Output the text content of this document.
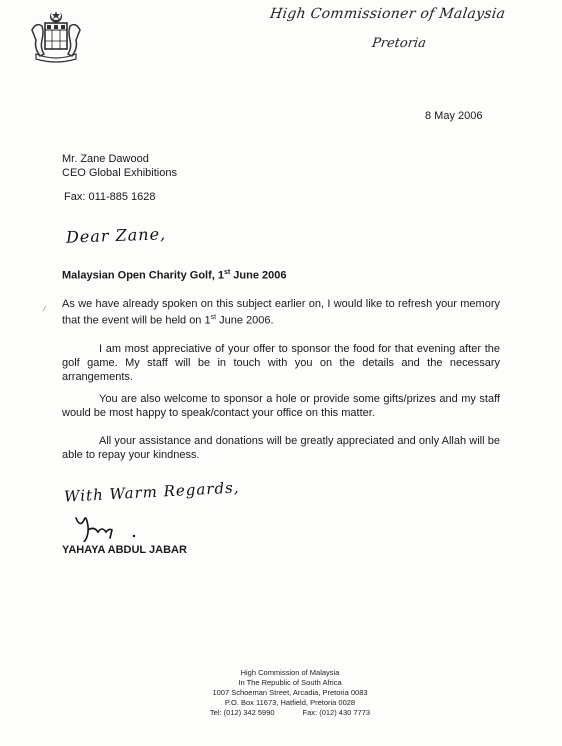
High Commissioner of Malaysia
Pretoria
8 May 2006
Mr. Zane Dawood
CEO Global Exhibitions
Fax: 011-885 1628
Dear Zane,
Malaysian Open Charity Golf, 1st June 2006
⁄ As we have already spoken on this subject earlier on, I would like to refresh your memory that the event will be held on 1st June 2006.
I am most appreciative of your offer to sponsor the food for that evening after the golf game. My staff will be in touch with you on the details and the necessary arrangements.
You are also welcome to sponsor a hole or provide some gifts/prizes and my staff would be most happy to speak/contact your office on this matter.
All your assistance and donations will be greatly appreciated and only Allah will be able to repay your kindness.
With Warm Regards,
YAHAYA ABDUL JABAR
High Commission of Malaysia
In The Republic of South Africa
1007 Schoeman Street, Arcadia, Pretoria 0083
P.O. Box 11673, Hatfield, Pretoria 0028
Tel: (012) 342 5990	Fax: (012) 430 7773
